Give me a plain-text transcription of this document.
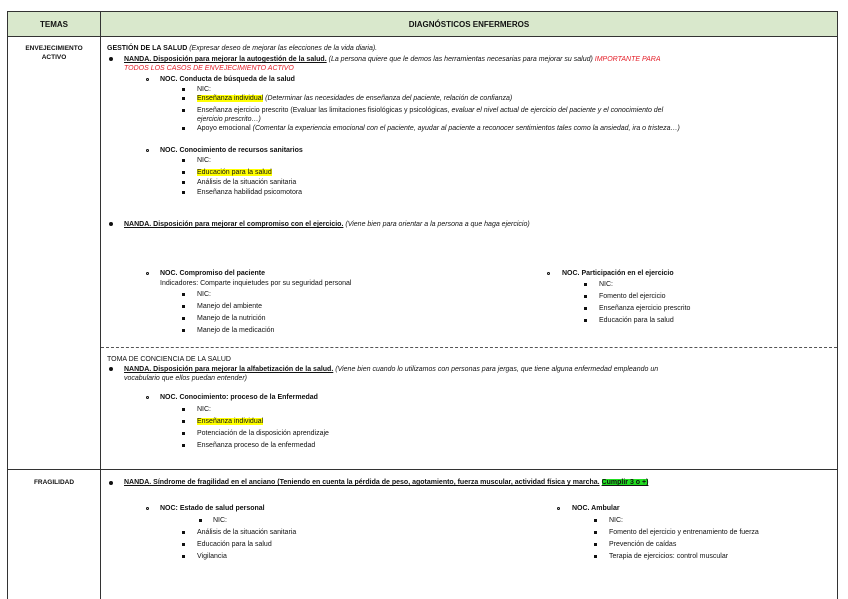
TEMAS	DIAGNÓSTICOS ENFERMEROS
ENVEJECIMIENTO
ACTIVO
GESTIÓN DE LA SALUD (Expresar deseo de mejorar las elecciones de la vida diaria).
NANDA. Disposición para mejorar la autogestión de la salud. (La persona quiere que le demos las herramientas necesarias para mejorar su salud) IMPORTANTE PARA
TODOS LOS CASOS DE ENVEJECIMIENTO ACTIVO
NOC. Conducta de búsqueda de la salud
NIC:
Enseñanza individual (Determinar las necesidades de enseñanza del paciente, relación de confianza)
Enseñanza ejercicio prescrito (Evaluar las limitaciones fisiológicas y psicológicas, evaluar el nivel actual de ejercicio del paciente y el conocimiento del
ejercicio prescrito…)
Apoyo emocional (Comentar la experiencia emocional con el paciente, ayudar al paciente a reconocer sentimientos tales como la ansiedad, ira o tristeza…)
NOC. Conocimiento de recursos sanitarios
NIC:
Educación para la salud
Análisis de la situación sanitaria
Enseñanza habilidad psicomotora
NANDA. Disposición para mejorar el compromiso con el ejercicio. (Viene bien para orientar a la persona a que haga ejercicio)
NOC. Compromiso del paciente
Indicadores: Comparte inquietudes por su seguridad personal
NIC:
Manejo del ambiente
Manejo de la nutrición
Manejo de la medicación
NOC. Participación en el ejercicio
NIC:
Fomento del ejercicio
Enseñanza ejercicio prescrito
Educación para la salud
TOMA DE CONCIENCIA DE LA SALUD
NANDA. Disposición para mejorar la alfabetización de la salud. (Viene bien cuando lo utilizamos con personas para jergas, que tiene alguna enfermedad empleando un
vocabulario que ellos puedan entender)
NOC. Conocimiento: proceso de la Enfermedad
NIC:
Enseñanza individual
Potenciación de la disposición aprendizaje
Enseñanza proceso de la enfermedad
FRAGILIDAD	NANDA. Síndrome de fragilidad en el anciano (Teniendo en cuenta la pérdida de peso, agotamiento, fuerza muscular, actividad física y marcha. Cumplir 3 o +)
NOC: Estado de salud personal
NIC:
Análisis de la situación sanitaria
Educación para la salud
Vigilancia
NOC. Ambular
NIC:
Fomento del ejercicio y entrenamiento de fuerza
Prevención de caídas
Terapia de ejercicios: control muscular
